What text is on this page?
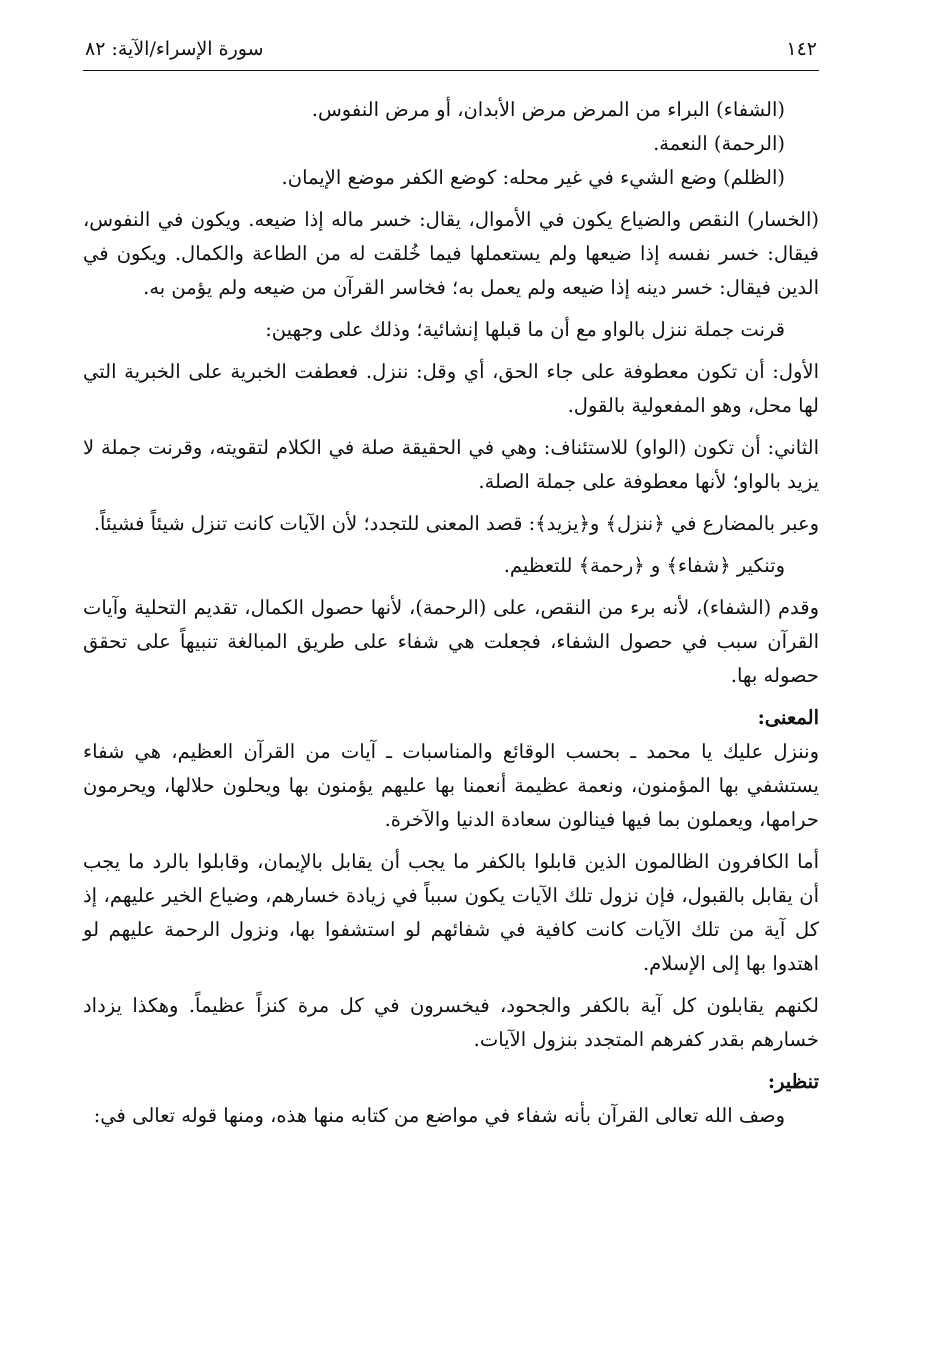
١٤٢
سورة الإسراء/الآية: ٨٢

(الشفاء) البراء من المرض مرض الأبدان، أو مرض النفوس.

(الرحمة) النعمة.

(الظلم) وضع الشيء في غير محله: كوضع الكفر موضع الإيمان.

(الخسار) النقص والضياع يكون في الأموال، يقال: خسر ماله إذا ضيعه. ويكون في النفوس، فيقال: خسر نفسه إذا ضيعها ولم يستعملها فيما خُلقت له من الطاعة والكمال. ويكون في الدين فيقال: خسر دينه إذا ضيعه ولم يعمل به؛ فخاسر القرآن من ضيعه ولم يؤمن به.

قرنت جملة ننزل بالواو مع أن ما قبلها إنشائية؛ وذلك على وجهين:

الأول: أن تكون معطوفة على جاء الحق، أي وقل: ننزل. فعطفت الخبرية على الخبرية التي لها محل، وهو المفعولية بالقول.

الثاني: أن تكون (الواو) للاستئناف: وهي في الحقيقة صلة في الكلام لتقويته، وقرنت جملة لا يزيد بالواو؛ لأنها معطوفة على جملة الصلة.

وعبر بالمضارع في ﴿ننزل﴾ و﴿يزيد﴾: قصد المعنى للتجدد؛ لأن الآيات كانت تنزل شيئاً فشيئاً.

وتنكير ﴿شفاء﴾ و ﴿رحمة﴾ للتعظيم.

وقدم (الشفاء)، لأنه برء من النقص، على (الرحمة)، لأنها حصول الكمال، تقديم التحلية وآيات القرآن سبب في حصول الشفاء، فجعلت هي شفاء على طريق المبالغة تنبيهاً على تحقق حصوله بها.

المعنى:

وننزل عليك يا محمد ـ بحسب الوقائع والمناسبات ـ آيات من القرآن العظيم، هي شفاء يستشفي بها المؤمنون، ونعمة عظيمة أنعمنا بها عليهم يؤمنون بها ويحلون حلالها، ويحرمون حرامها، ويعملون بما فيها فينالون سعادة الدنيا والآخرة.

أما الكافرون الظالمون الذين قابلوا بالكفر ما يجب أن يقابل بالإيمان، وقابلوا بالرد ما يجب أن يقابل بالقبول، فإن نزول تلك الآيات يكون سبباً في زيادة خسارهم، وضياع الخير عليهم، إذ كل آية من تلك الآيات كانت كافية في شفائهم لو استشفوا بها، ونزول الرحمة عليهم لو اهتدوا بها إلى الإسلام.

لكنهم يقابلون كل آية بالكفر والجحود، فيخسرون في كل مرة كنزاً عظيماً. وهكذا يزداد خسارهم بقدر كفرهم المتجدد بنزول الآيات.

تنظير:

وصف الله تعالى القرآن بأنه شفاء في مواضع من كتابه منها هذه، ومنها قوله تعالى في:
